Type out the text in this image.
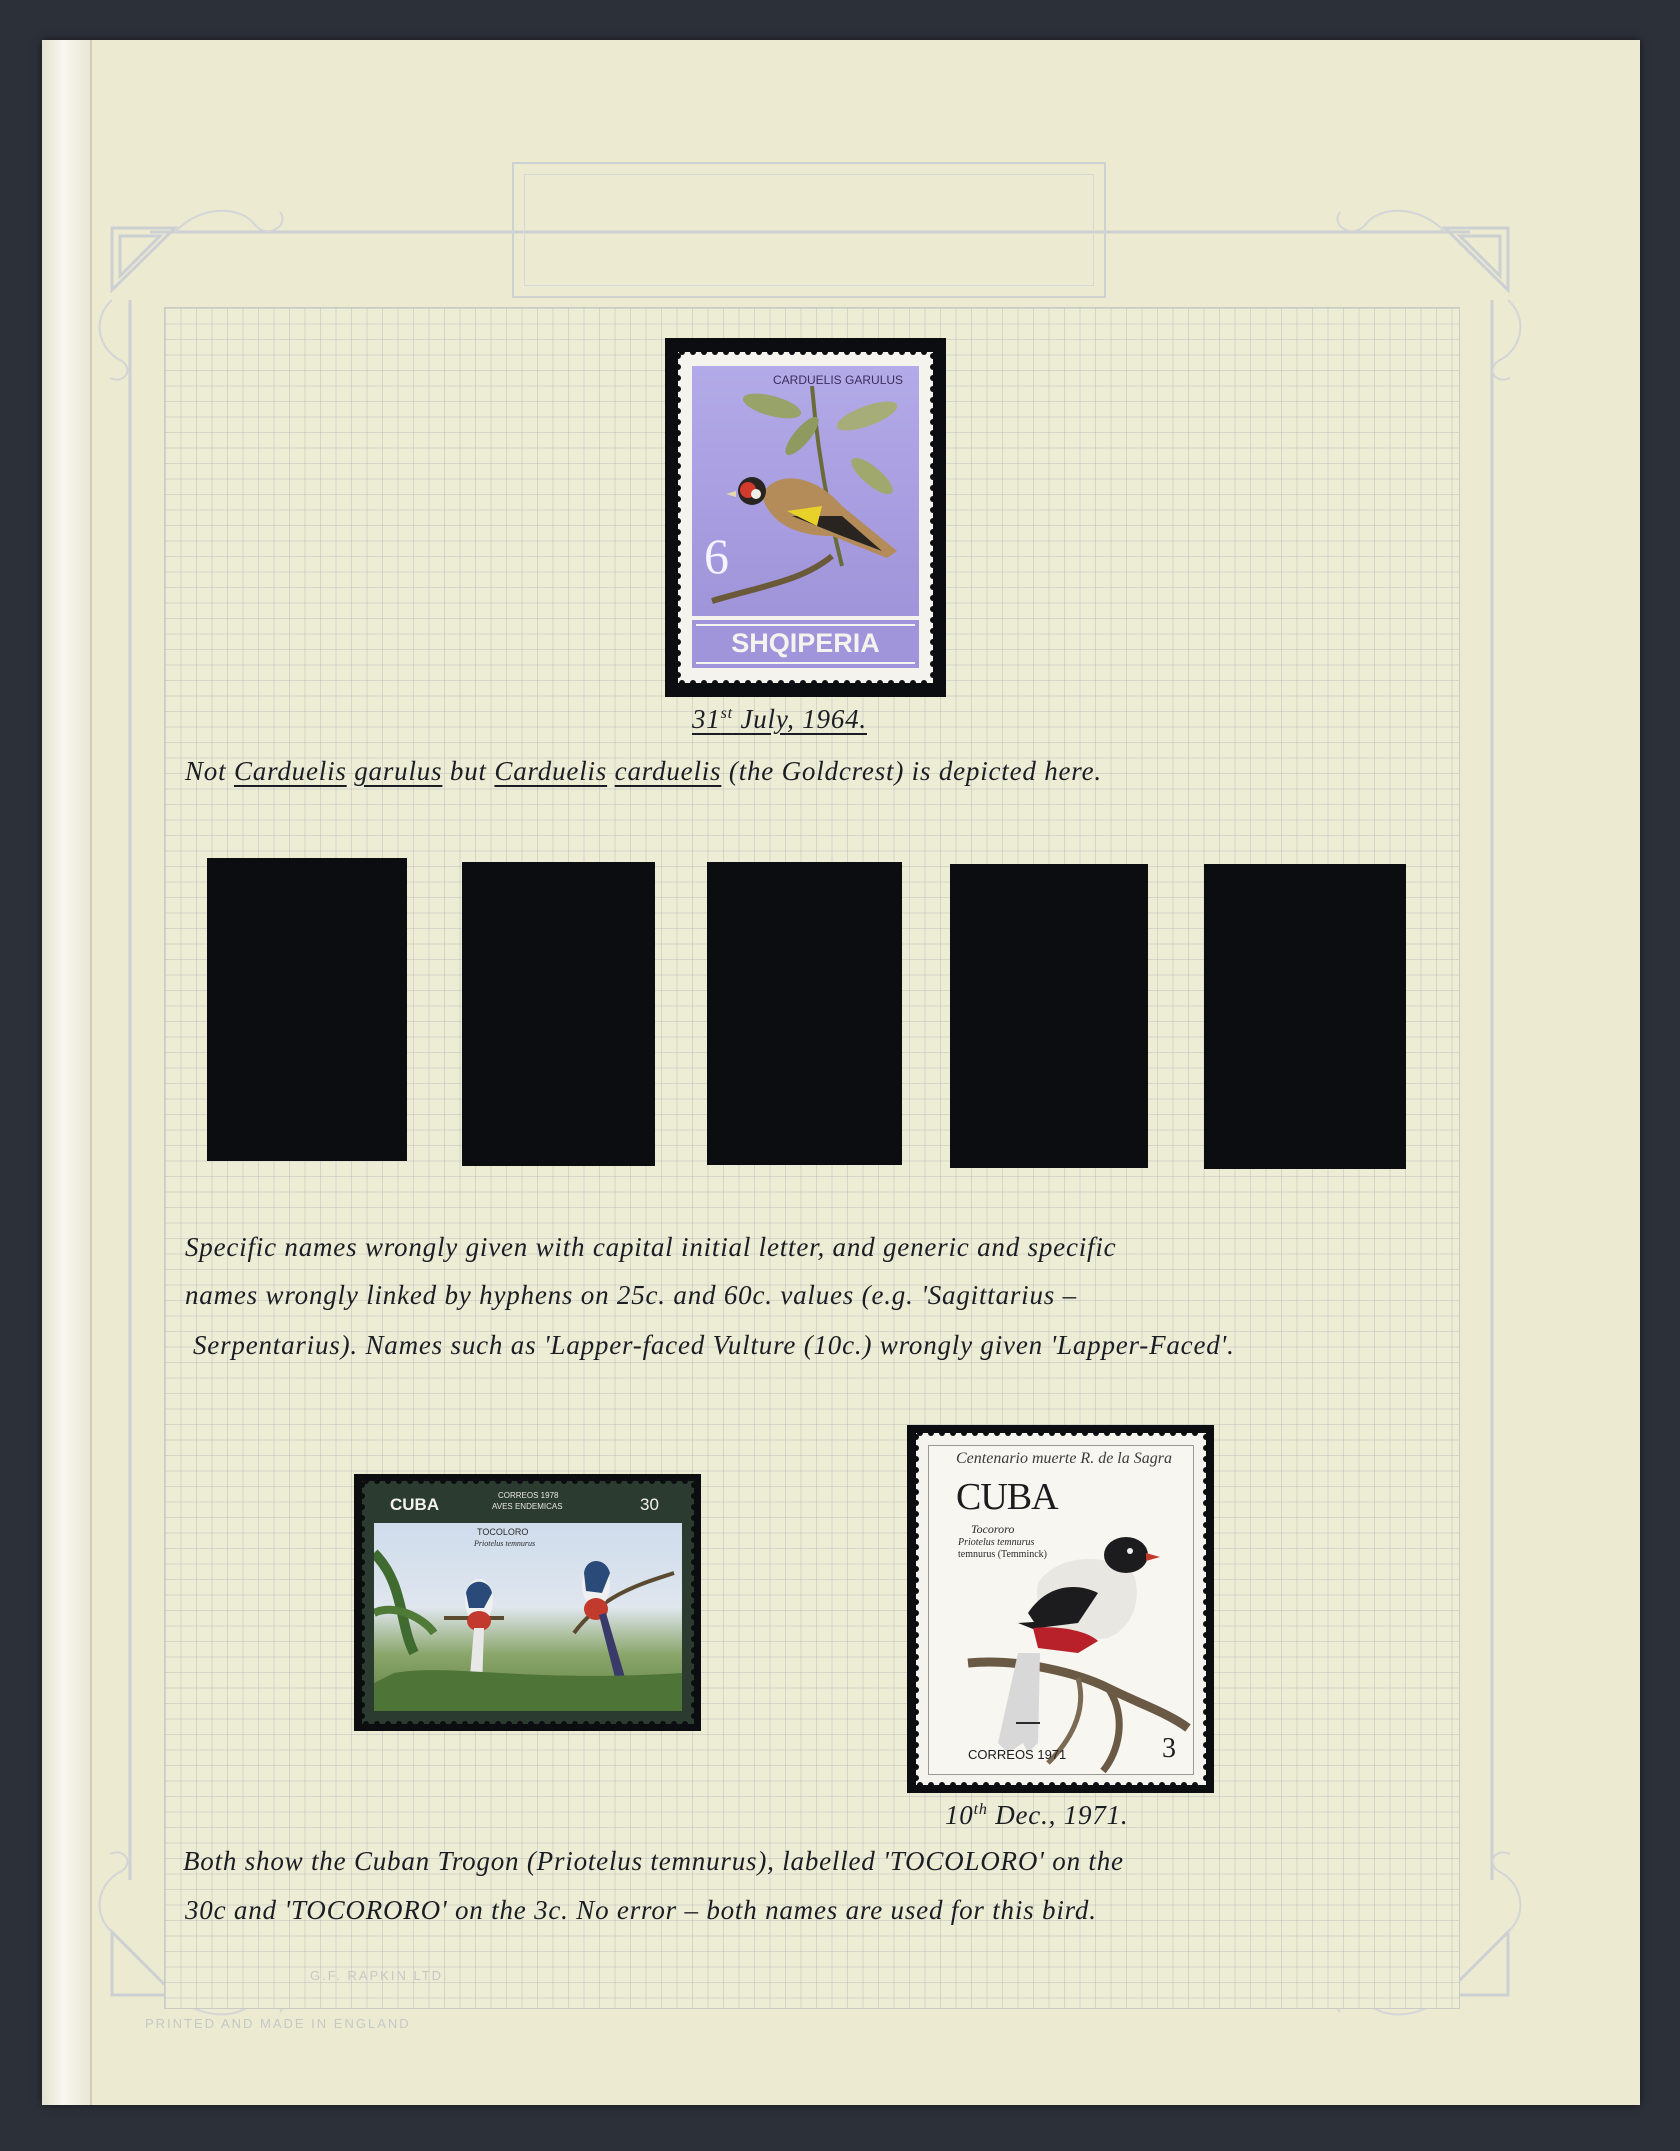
G.F. RAPKIN LTD.
PRINTED AND MADE IN ENGLAND
CARDUELIS GARULUS
6
SHQIPERIA
31st July, 1964.
Not Carduelis garulus but Carduelis carduelis (the Goldcrest) is depicted here.
Specific names wrongly given with capital initial letter, and generic and specific
names wrongly linked by hyphens on 25c. and 60c. values (e.g. 'Sagittarius –
Serpentarius). Names such as 'Lapper-faced Vulture (10c.) wrongly given 'Lapper-Faced'.
CUBA	CORREOS 1978
AVES ENDEMICAS	30
TOCOLORO
Priotelus temnurus
Centenario muerte R. de la Sagra
CUBA
Tocororo
Priotelus temnurus
temnurus (Temminck)
CORREOS 1971	3
10th Dec., 1971.
Both show the Cuban Trogon (Priotelus temnurus), labelled 'TOCOLORO' on the
30c and 'TOCORORO' on the 3c. No error – both names are used for this bird.
